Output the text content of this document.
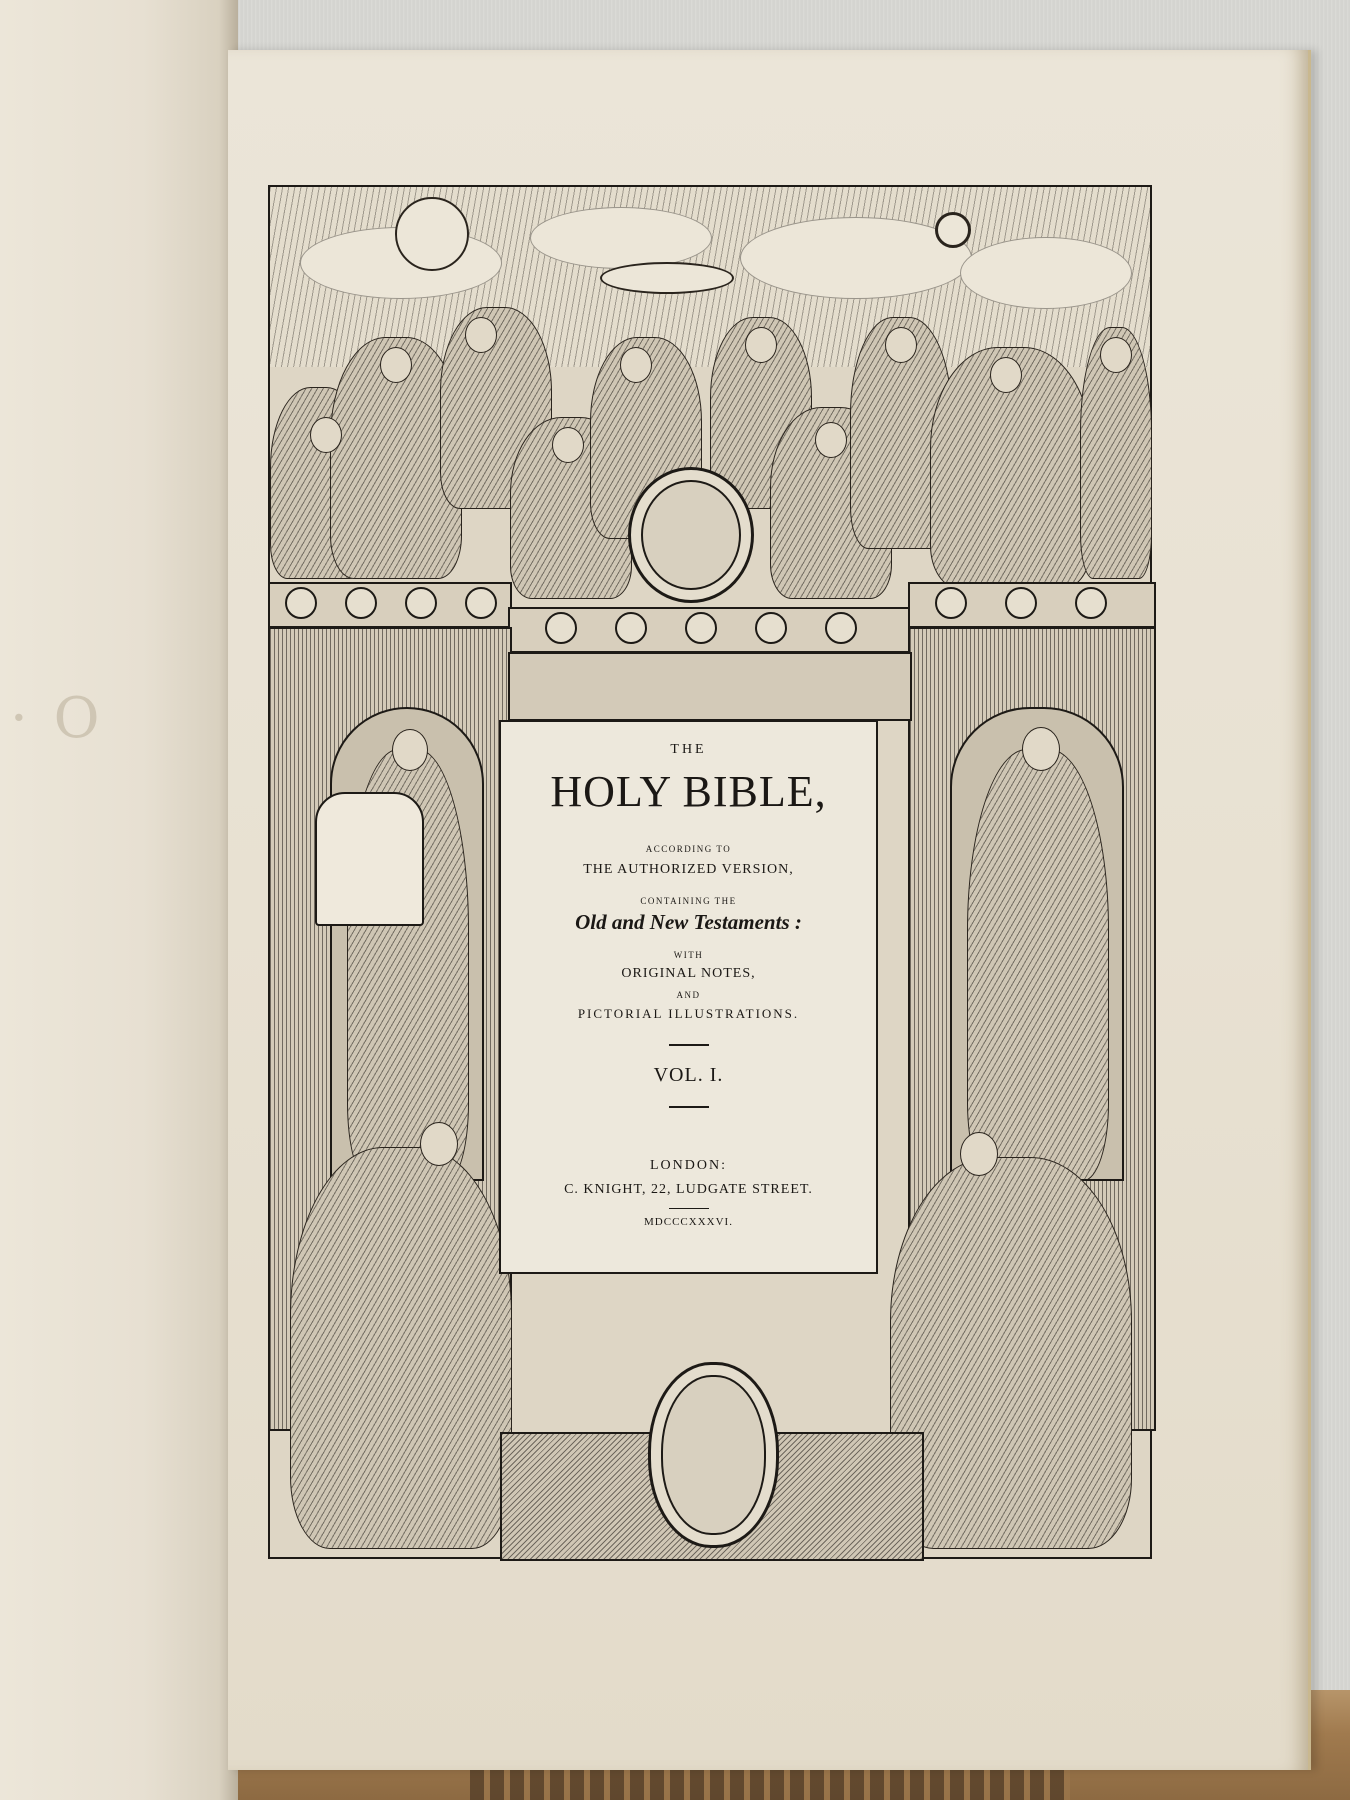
· O	THE
HOLY BIBLE,
ACCORDING TO
THE AUTHORIZED VERSION,
CONTAINING THE
Old and New Testaments :
WITH
ORIGINAL NOTES,
AND
PICTORIAL ILLUSTRATIONS.
VOL. I.
LONDON:
C. KNIGHT, 22, LUDGATE STREET.
MDCCCXXXVI.
